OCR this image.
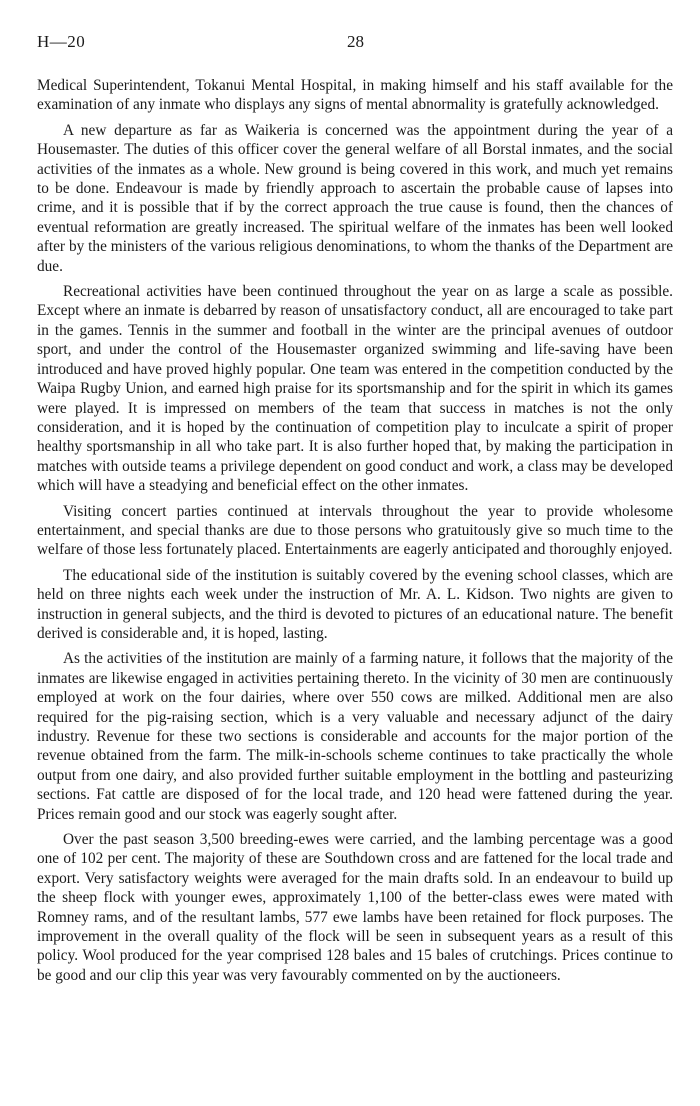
H—20	28

Medical Superintendent, Tokanui Mental Hospital, in making himself and his staff available for the examination of any inmate who displays any signs of mental abnormality is gratefully acknowledged.

A new departure as far as Waikeria is concerned was the appointment during the year of a Housemaster. The duties of this officer cover the general welfare of all Borstal inmates, and the social activities of the inmates as a whole. New ground is being covered in this work, and much yet remains to be done. Endeavour is made by friendly approach to ascertain the probable cause of lapses into crime, and it is possible that if by the correct approach the true cause is found, then the chances of eventual reformation are greatly increased. The spiritual welfare of the inmates has been well looked after by the ministers of the various religious denominations, to whom the thanks of the Department are due.

Recreational activities have been continued throughout the year on as large a scale as possible. Except where an inmate is debarred by reason of unsatisfactory conduct, all are encouraged to take part in the games. Tennis in the summer and football in the winter are the principal avenues of outdoor sport, and under the control of the Housemaster organized swimming and life-saving have been introduced and have proved highly popular. One team was entered in the competition conducted by the Waipa Rugby Union, and earned high praise for its sportsmanship and for the spirit in which its games were played. It is impressed on members of the team that success in matches is not the only consideration, and it is hoped by the continuation of competition play to inculcate a spirit of proper healthy sportsmanship in all who take part. It is also further hoped that, by making the participation in matches with outside teams a privilege dependent on good conduct and work, a class may be developed which will have a steadying and beneficial effect on the other inmates.

Visiting concert parties continued at intervals throughout the year to provide wholesome entertainment, and special thanks are due to those persons who gratuitously give so much time to the welfare of those less fortunately placed. Entertainments are eagerly anticipated and thoroughly enjoyed.

The educational side of the institution is suitably covered by the evening school classes, which are held on three nights each week under the instruction of Mr. A. L. Kidson. Two nights are given to instruction in general subjects, and the third is devoted to pictures of an educational nature. The benefit derived is considerable and, it is hoped, lasting.

As the activities of the institution are mainly of a farming nature, it follows that the majority of the inmates are likewise engaged in activities pertaining thereto. In the vicinity of 30 men are continuously employed at work on the four dairies, where over 550 cows are milked. Additional men are also required for the pig-raising section, which is a very valuable and necessary adjunct of the dairy industry. Revenue for these two sections is considerable and accounts for the major portion of the revenue obtained from the farm. The milk-in-schools scheme continues to take practically the whole output from one dairy, and also provided further suitable employment in the bottling and pasteurizing sections. Fat cattle are disposed of for the local trade, and 120 head were fattened during the year. Prices remain good and our stock was eagerly sought after.

Over the past season 3,500 breeding-ewes were carried, and the lambing percentage was a good one of 102 per cent. The majority of these are Southdown cross and are fattened for the local trade and export. Very satisfactory weights were averaged for the main drafts sold. In an endeavour to build up the sheep flock with younger ewes, approximately 1,100 of the better-class ewes were mated with Romney rams, and of the resultant lambs, 577 ewe lambs have been retained for flock purposes. The improvement in the overall quality of the flock will be seen in subsequent years as a result of this policy. Wool produced for the year comprised 128 bales and 15 bales of crutchings. Prices continue to be good and our clip this year was very favourably commented on by the auctioneers.
